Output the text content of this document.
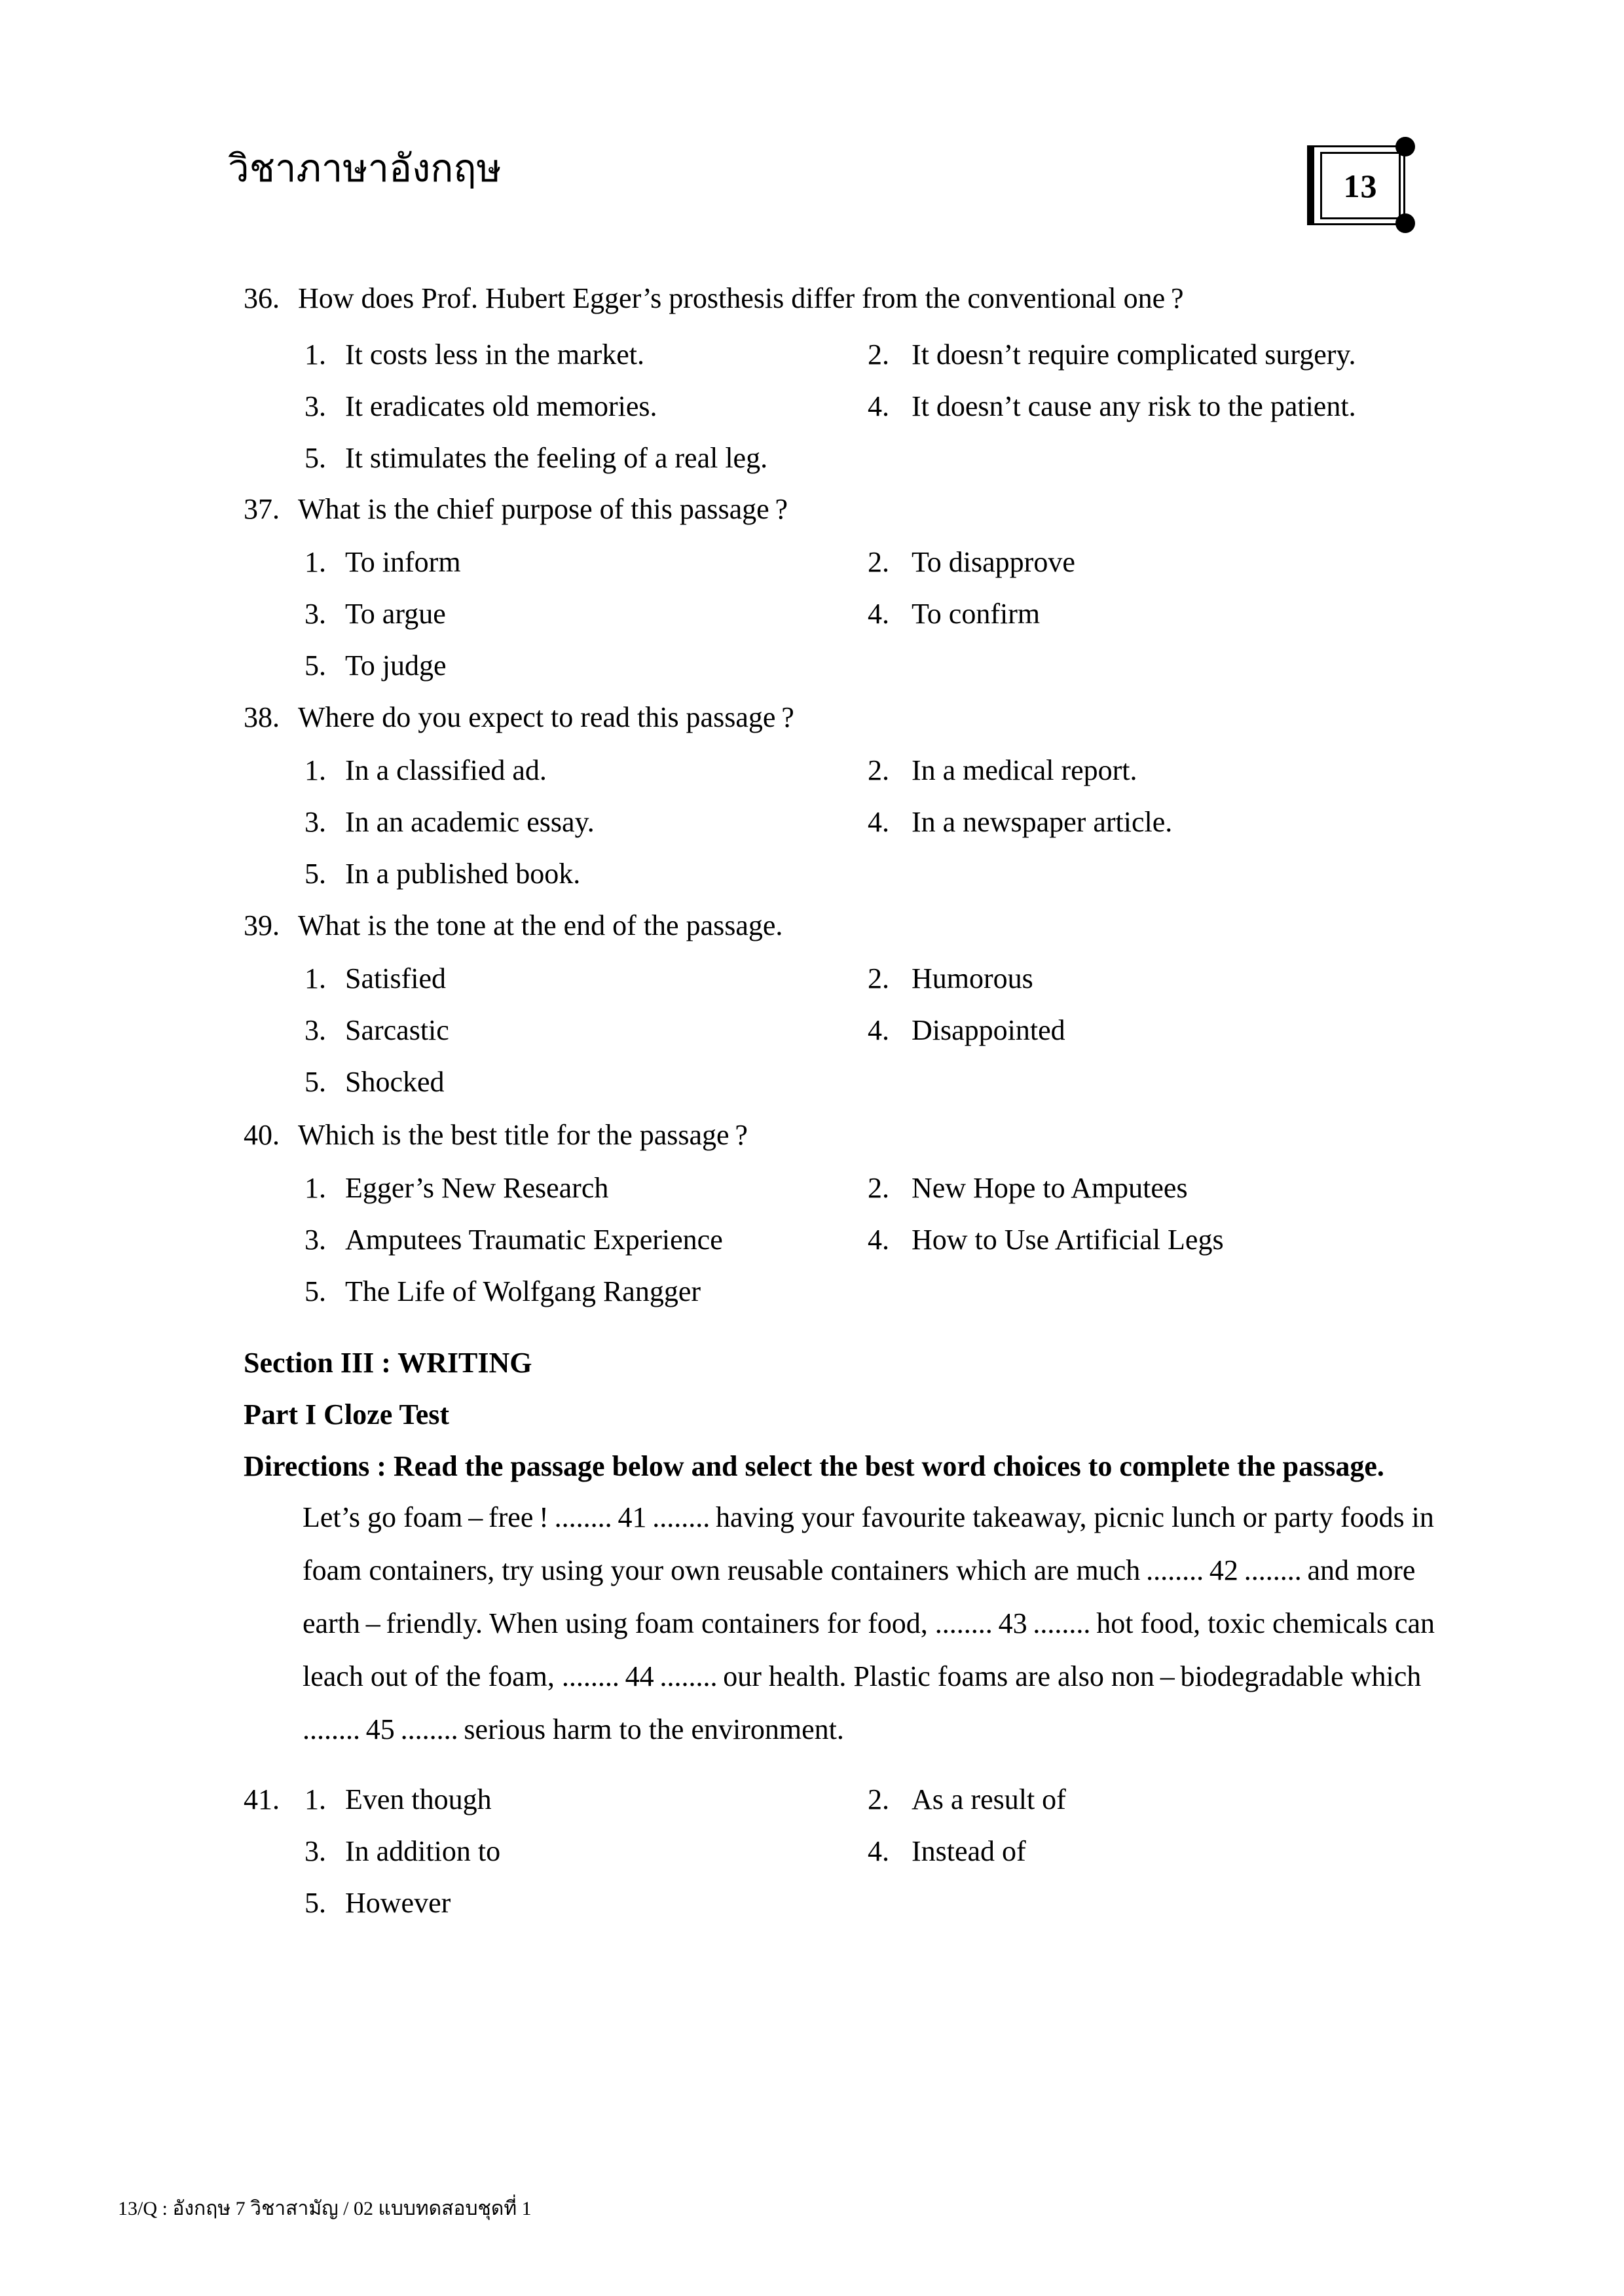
วิชาภาษาอังกฤษ	13
36. How does Prof. Hubert Egger’s prosthesis differ from the conventional one ?
1. It costs less in the market.	2. It doesn’t require complicated surgery.
3. It eradicates old memories.	4. It doesn’t cause any risk to the patient.
5. It stimulates the feeling of a real leg.
37. What is the chief purpose of this passage ?
1. To inform	2. To disapprove
3. To argue	4. To confirm
5. To judge
38. Where do you expect to read this passage ?
1. In a classified ad.	2. In a medical report.
3. In an academic essay.	4. In a newspaper article.
5. In a published book.
39. What is the tone at the end of the passage.
1. Satisfied	2. Humorous
3. Sarcastic	4. Disappointed
5. Shocked
40. Which is the best title for the passage ?
1. Egger’s New Research	2. New Hope to Amputees
3. Amputees Traumatic Experience	4. How to Use Artificial Legs
5. The Life of Wolfgang Rangger
Section III : WRITING
Part I Cloze Test
Directions : Read the passage below and select the best word choices to complete the passage.
Let’s go foam – free ! ........ 41 ........ having your favourite takeaway, picnic lunch or party foods in
foam containers, try using your own reusable containers which are much ........ 42 ........ and more
earth – friendly. When using foam containers for food, ........ 43 ........ hot food, toxic chemicals can
leach out of the foam, ........ 44 ........ our health. Plastic foams are also non – biodegradable which
........ 45 ........ serious harm to the environment.
41. 1. Even though	2. As a result of
3. In addition to	4. Instead of
5. However
13/Q : อังกฤษ 7 วิชาสามัญ / 02 แบบทดสอบชุดที่ 1
